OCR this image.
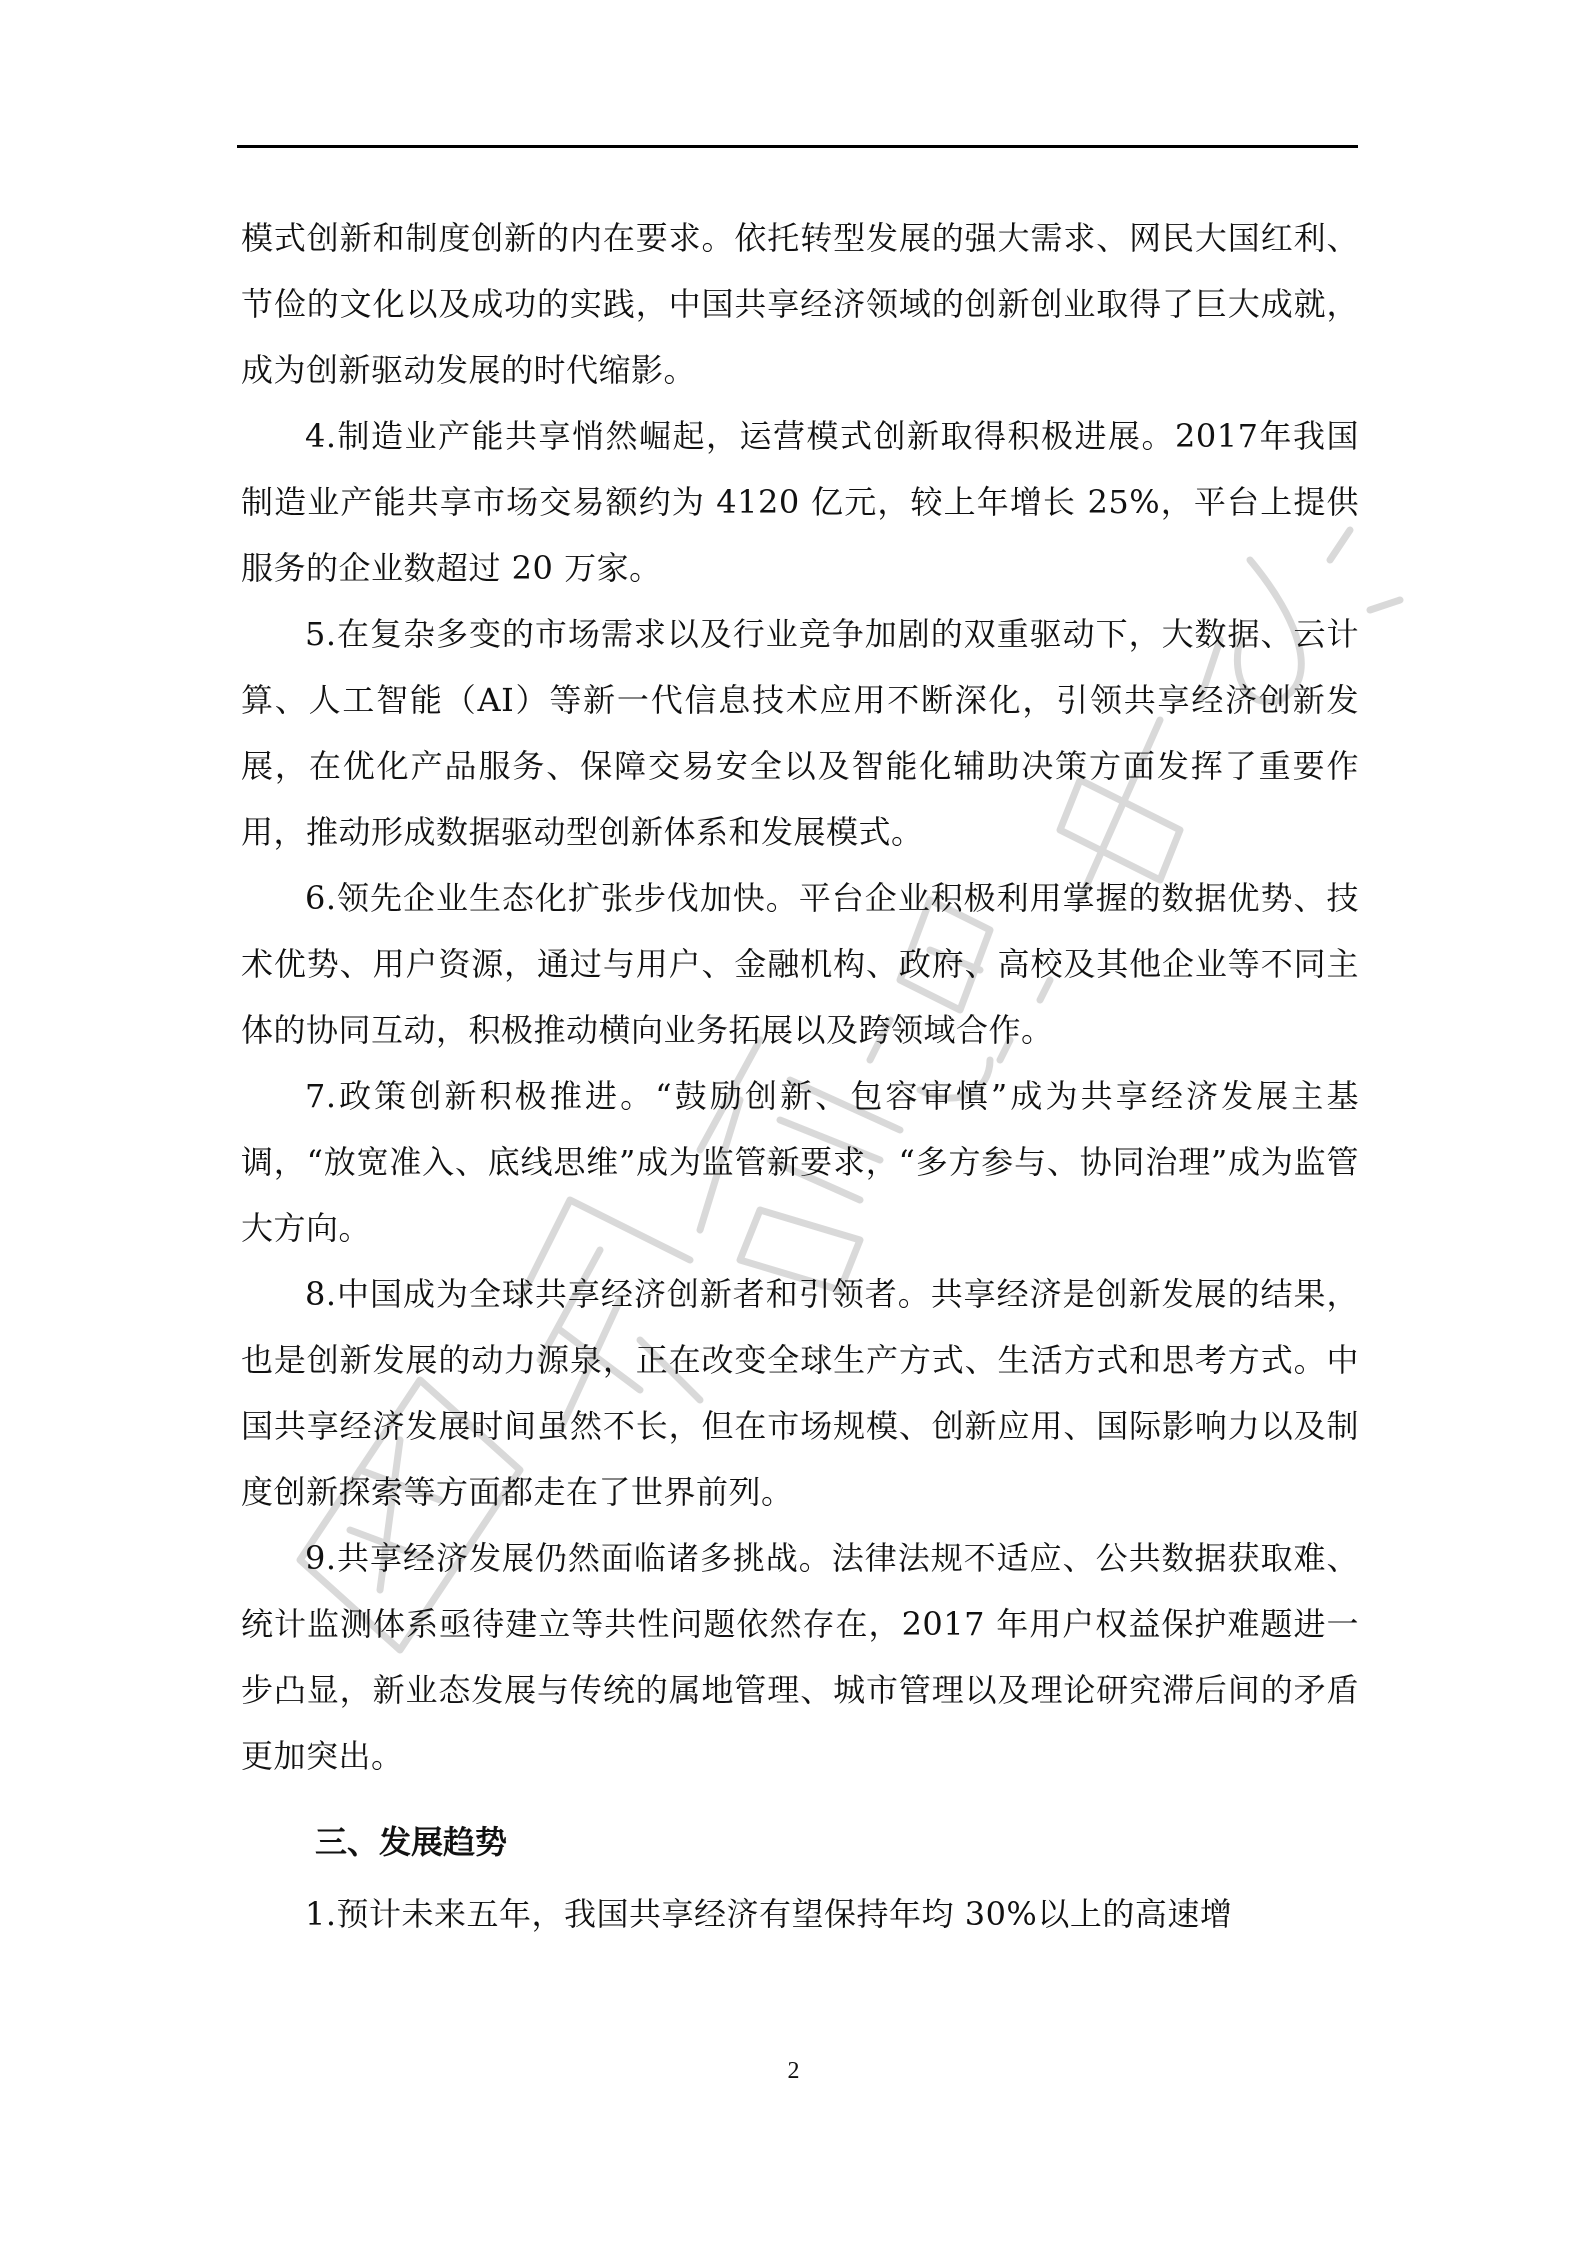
模式创新和制度创新的内在要求。依托转型发展的强大需求、网民大国红利、节俭的文化以及成功的实践，中国共享经济领域的创新创业取得了巨大成就，成为创新驱动发展的时代缩影。

4.制造业产能共享悄然崛起，运营模式创新取得积极进展。2017年我国制造业产能共享市场交易额约为 4120 亿元，较上年增长 25%，平台上提供服务的企业数超过 20 万家。

5.在复杂多变的市场需求以及行业竞争加剧的双重驱动下，大数据、云计算、人工智能（AI）等新一代信息技术应用不断深化，引领共享经济创新发展，在优化产品服务、保障交易安全以及智能化辅助决策方面发挥了重要作用，推动形成数据驱动型创新体系和发展模式。

6.领先企业生态化扩张步伐加快。平台企业积极利用掌握的数据优势、技术优势、用户资源，通过与用户、金融机构、政府、高校及其他企业等不同主体的协同互动，积极推动横向业务拓展以及跨领域合作。

7.政策创新积极推进。“鼓励创新、包容审慎”成为共享经济发展主基调，“放宽准入、底线思维”成为监管新要求，“多方参与、协同治理”成为监管大方向。

8.中国成为全球共享经济创新者和引领者。共享经济是创新发展的结果，也是创新发展的动力源泉，正在改变全球生产方式、生活方式和思考方式。中国共享经济发展时间虽然不长，但在市场规模、创新应用、国际影响力以及制度创新探索等方面都走在了世界前列。

9.共享经济发展仍然面临诸多挑战。法律法规不适应、公共数据获取难、统计监测体系亟待建立等共性问题依然存在，2017 年用户权益保护难题进一步凸显，新业态发展与传统的属地管理、城市管理以及理论研究滞后间的矛盾更加突出。

三、发展趋势

1.预计未来五年，我国共享经济有望保持年均 30%以上的高速增

2
